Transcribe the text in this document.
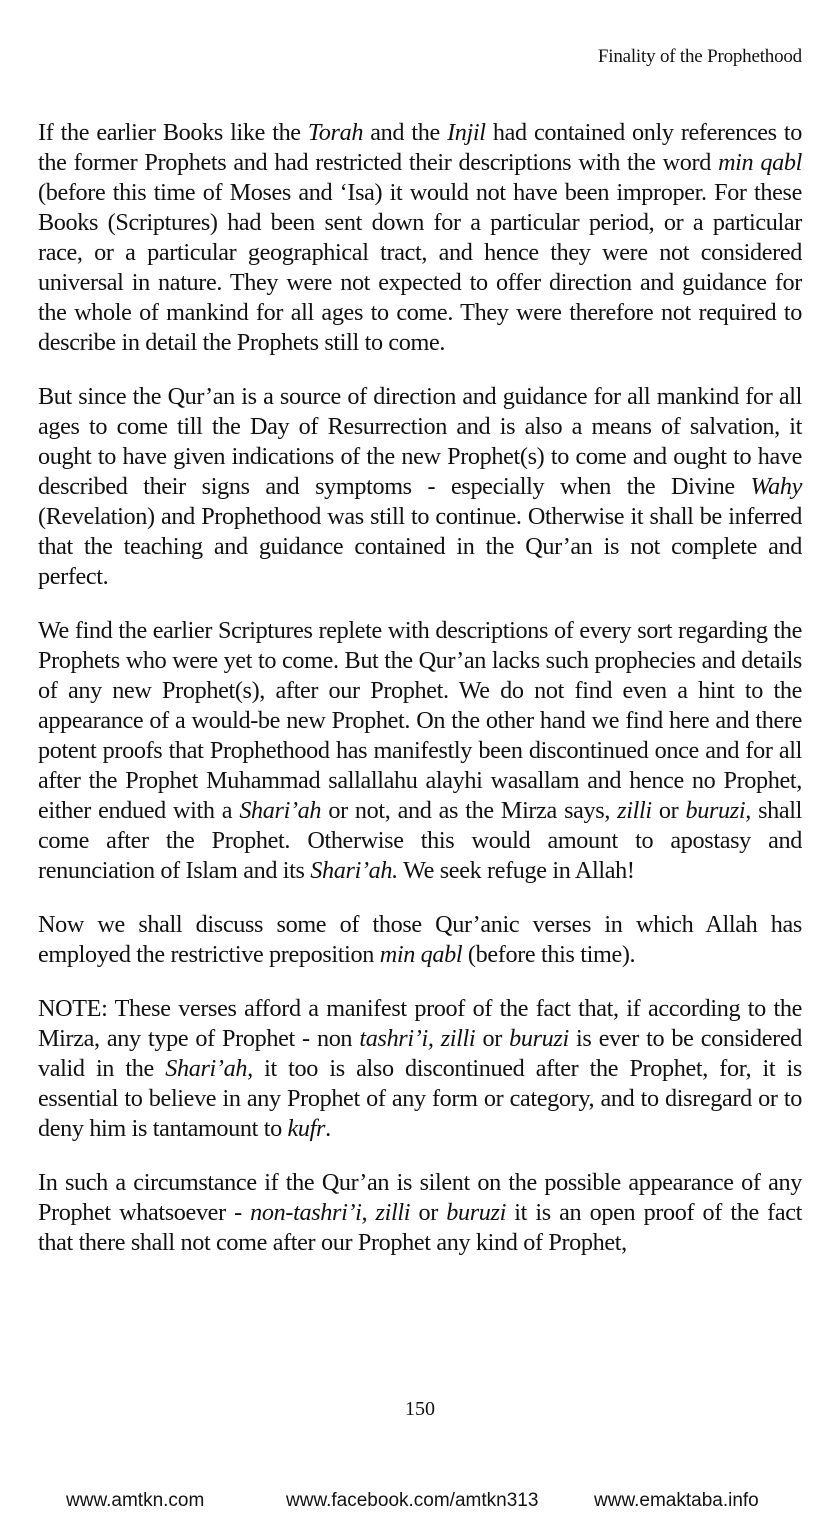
Finality of the Prophethood

If the earlier Books like the Torah and the Injil had contained only references to the former Prophets and had restricted their descriptions with the word min qabl (before this time of Moses and ‘Isa) it would not have been improper. For these Books (Scriptures) had been sent down for a particular period, or a particular race, or a particular geographical tract, and hence they were not considered universal in nature. They were not expected to offer direction and guidance for the whole of mankind for all ages to come. They were therefore not required to describe in detail the Prophets still to come.

But since the Qur’an is a source of direction and guidance for all mankind for all ages to come till the Day of Resurrection and is also a means of salvation, it ought to have given indications of the new Prophet(s) to come and ought to have described their signs and symptoms - especially when the Divine Wahy (Revelation) and Prophethood was still to continue. Otherwise it shall be inferred that the teaching and guidance contained in the Qur’an is not complete and perfect.

We find the earlier Scriptures replete with descriptions of every sort regarding the Prophets who were yet to come. But the Qur’an lacks such prophecies and details of any new Prophet(s), after our Prophet. We do not find even a hint to the appearance of a would-be new Prophet. On the other hand we find here and there potent proofs that Prophethood has manifestly been discontinued once and for all after the Prophet Muhammad sallallahu alayhi wasallam and hence no Prophet, either endued with a Shari’ah or not, and as the Mirza says, zilli or buruzi, shall come after the Prophet. Otherwise this would amount to apostasy and renunciation of Islam and its Shari’ah. We seek refuge in Allah!

Now we shall discuss some of those Qur’anic verses in which Allah has employed the restrictive preposition min qabl (before this time).

NOTE: These verses afford a manifest proof of the fact that, if according to the Mirza, any type of Prophet - non tashri’i, zilli or buruzi is ever to be considered valid in the Shari’ah, it too is also discontinued after the Prophet, for, it is essential to believe in any Prophet of any form or category, and to disregard or to deny him is tantamount to kufr.

In such a circumstance if the Qur’an is silent on the possible appearance of any Prophet whatsoever - non-tashri’i, zilli or buruzi it is an open proof of the fact that there shall not come after our Prophet any kind of Prophet,

150
www.amtkn.com	www.facebook.com/amtkn313	www.emaktaba.info
